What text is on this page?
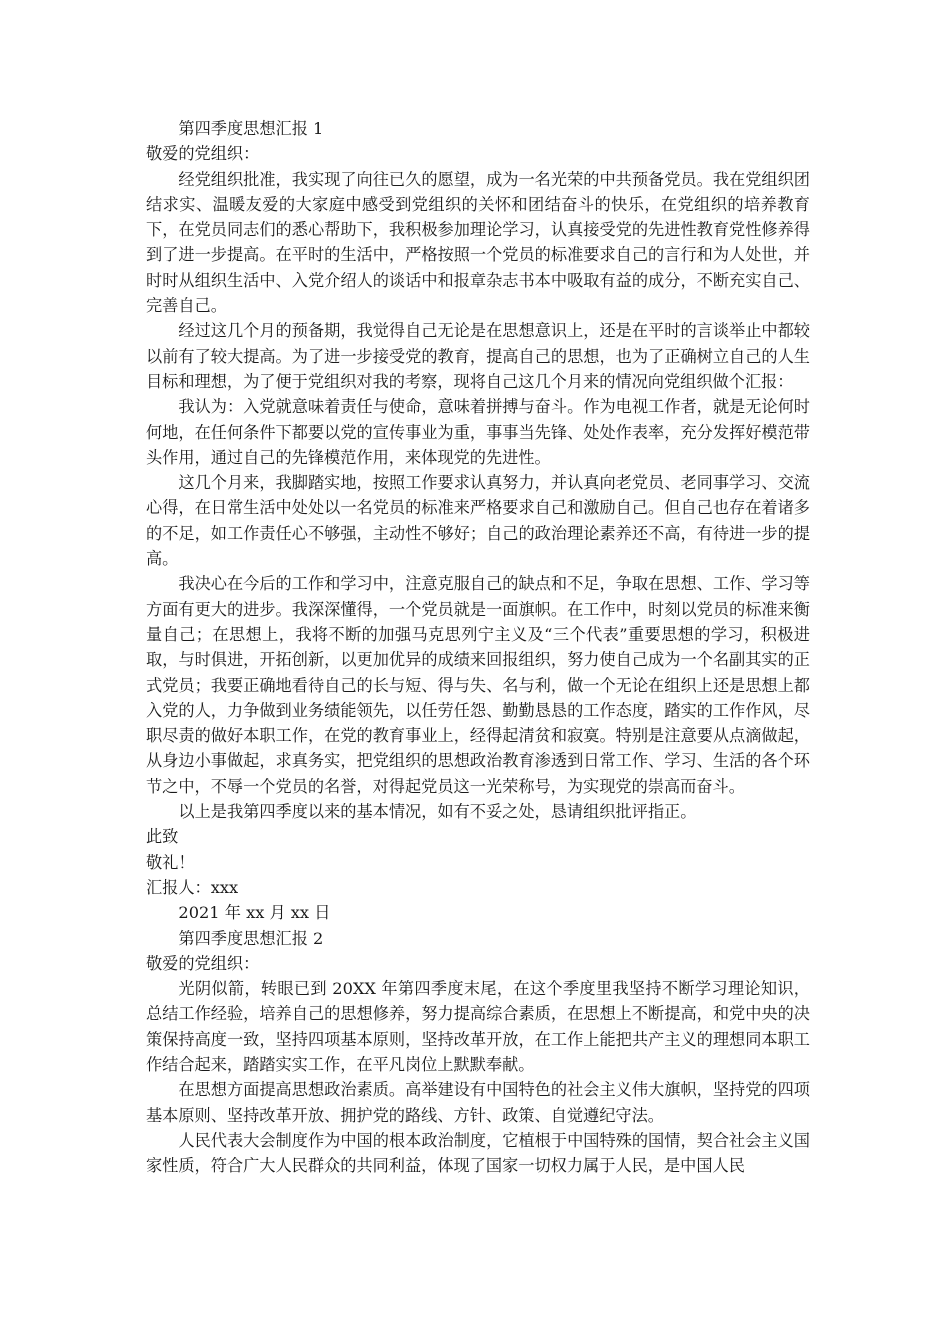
第四季度思想汇报 1

敬爱的党组织：

经党组织批准，我实现了向往已久的愿望，成为一名光荣的中共预备党员。我在党组织团结求实、温暖友爱的大家庭中感受到党组织的关怀和团结奋斗的快乐，在党组织的培养教育下，在党员同志们的悉心帮助下，我积极参加理论学习，认真接受党的先进性教育党性修养得到了进一步提高。在平时的生活中，严格按照一个党员的标准要求自己的言行和为人处世，并时时从组织生活中、入党介绍人的谈话中和报章杂志书本中吸取有益的成分，不断充实自己、完善自己。

经过这几个月的预备期，我觉得自己无论是在思想意识上，还是在平时的言谈举止中都较以前有了较大提高。为了进一步接受党的教育，提高自己的思想，也为了正确树立自己的人生目标和理想，为了便于党组织对我的考察，现将自己这几个月来的情况向党组织做个汇报：

我认为：入党就意味着责任与使命，意味着拼搏与奋斗。作为电视工作者，就是无论何时何地，在任何条件下都要以党的宣传事业为重，事事当先锋、处处作表率，充分发挥好模范带头作用，通过自己的先锋模范作用，来体现党的先进性。

这几个月来，我脚踏实地，按照工作要求认真努力，并认真向老党员、老同事学习、交流心得，在日常生活中处处以一名党员的标准来严格要求自己和激励自己。但自己也存在着诸多的不足，如工作责任心不够强，主动性不够好；自己的政治理论素养还不高，有待进一步的提高。

我决心在今后的工作和学习中，注意克服自己的缺点和不足，争取在思想、工作、学习等方面有更大的进步。我深深懂得，一个党员就是一面旗帜。在工作中，时刻以党员的标准来衡量自己；在思想上，我将不断的加强马克思列宁主义及“三个代表”重要思想的学习，积极进取，与时俱进，开拓创新，以更加优异的成绩来回报组织，努力使自己成为一个名副其实的正式党员；我要正确地看待自己的长与短、得与失、名与利，做一个无论在组织上还是思想上都入党的人，力争做到业务绩能领先，以任劳任怨、勤勤恳恳的工作态度，踏实的工作作风，尽职尽责的做好本职工作，在党的教育事业上，经得起清贫和寂寞。特别是注意要从点滴做起，从身边小事做起，求真务实，把党组织的思想政治教育渗透到日常工作、学习、生活的各个环节之中，不辱一个党员的名誉，对得起党员这一光荣称号，为实现党的崇高而奋斗。

以上是我第四季度以来的基本情况，如有不妥之处，恳请组织批评指正。

此致

敬礼！

汇报人：xxx

2021 年 xx 月 xx 日

第四季度思想汇报 2

敬爱的党组织：

光阴似箭，转眼已到 20XX 年第四季度末尾，在这个季度里我坚持不断学习理论知识，总结工作经验，培养自己的思想修养，努力提高综合素质，在思想上不断提高，和党中央的决策保持高度一致，坚持四项基本原则，坚持改革开放，在工作上能把共产主义的理想同本职工作结合起来，踏踏实实工作，在平凡岗位上默默奉献。

在思想方面提高思想政治素质。高举建设有中国特色的社会主义伟大旗帜，坚持党的四项基本原则、坚持改革开放、拥护党的路线、方针、政策、自觉遵纪守法。

人民代表大会制度作为中国的根本政治制度，它植根于中国特殊的国情，契合社会主义国家性质，符合广大人民群众的共同利益，体现了国家一切权力属于人民，是中国人民
